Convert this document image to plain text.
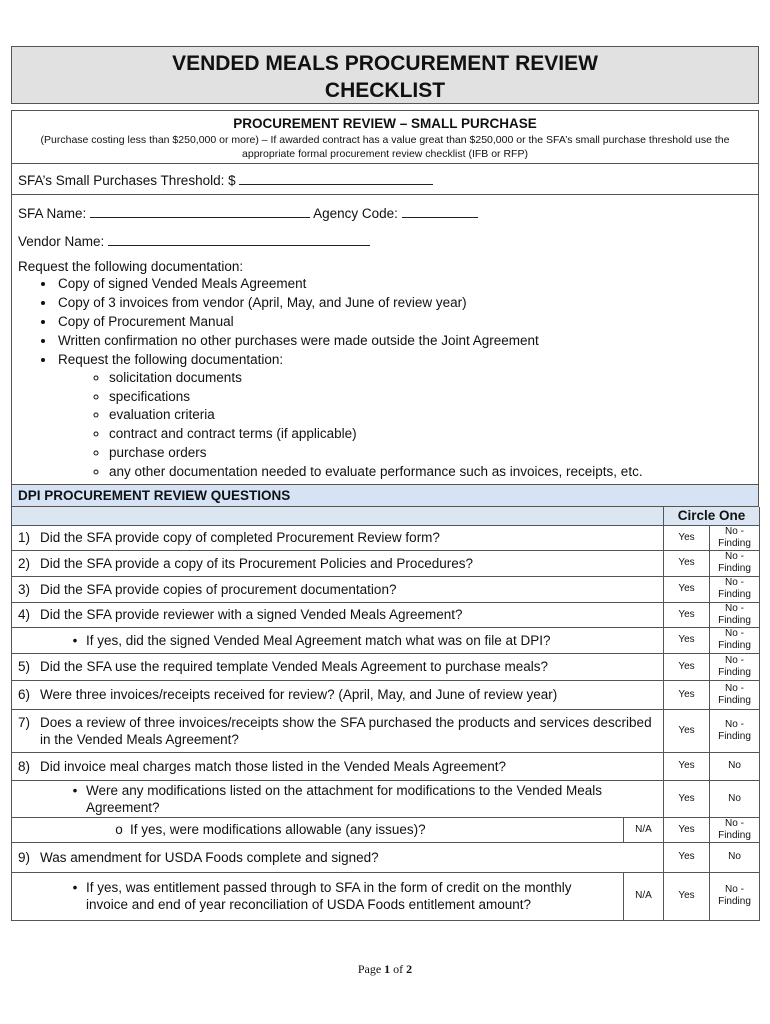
VENDED MEALS PROCUREMENT REVIEW
CHECKLIST
PROCUREMENT REVIEW – SMALL PURCHASE
(Purchase costing less than $250,000 or more) – If awarded contract has a value great than $250,000 or the SFA’s small purchase threshold use the appropriate formal procurement review checklist (IFB or RFP)
SFA’s Small Purchases Threshold: $
SFA Name:	Agency Code:
Vendor Name:
Request the following documentation:
• Copy of signed Vended Meals Agreement
• Copy of 3 invoices from vendor (April, May, and June of review year)
• Copy of Procurement Manual
• Written confirmation no other purchases were made outside the Joint Agreement
• Request the following documentation:
◦ solicitation documents
◦ specifications
◦ evaluation criteria
◦ contract and contract terms (if applicable)
◦ purchase orders
◦ any other documentation needed to evaluate performance such as invoices, receipts, etc.
DPI PROCUREMENT REVIEW QUESTIONS
		Circle One	

1) Did the SFA provide copy of completed Procurement Review form?		Yes	No - Finding

2) Did the SFA provide a copy of its Procurement Policies and Procedures?		Yes	No - Finding

3) Did the SFA provide copies of procurement documentation?		Yes	No - Finding

4) Did the SFA provide reviewer with a signed Vended Meals Agreement?		Yes	No - Finding

• If yes, did the signed Vended Meal Agreement match what was on file at DPI?		Yes	No - Finding

5) Did the SFA use the required template Vended Meals Agreement to purchase meals?		Yes	No - Finding

6) Were three invoices/receipts received for review? (April, May, and June of review year)		Yes	No - Finding

7) Does a review of three invoices/receipts show the SFA purchased the products and services described in the Vended Meals Agreement?		Yes	No - Finding

8) Did invoice meal charges match those listed in the Vended Meals Agreement?		Yes	No

• Were any modifications listed on the attachment for modifications to the Vended Meals Agreement?		Yes	No

o If yes, were modifications allowable (any issues)?	N/A	Yes	No - Finding

9) Was amendment for USDA Foods complete and signed?		Yes	No

• If yes, was entitlement passed through to SFA in the form of credit on the monthly invoice and end of year reconciliation of USDA Foods entitlement amount?	N/A	Yes	No - Finding
Page 1 of 2
